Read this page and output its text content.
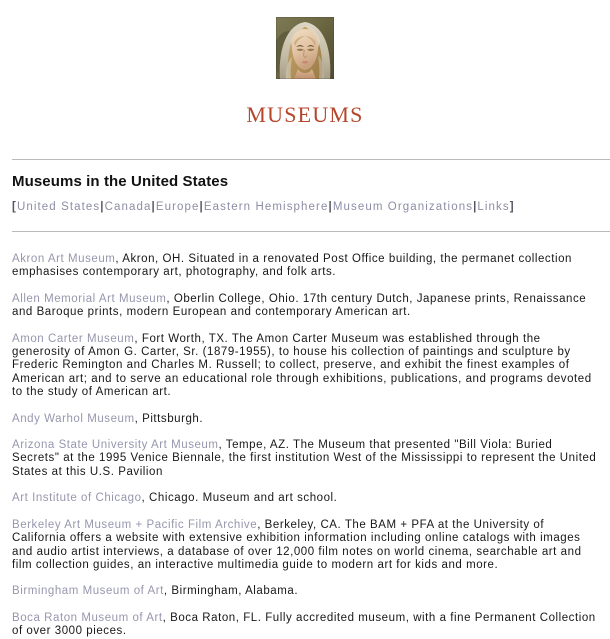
MUSEUMS
Museums in the United States
[United States|Canada|Europe|Eastern Hemisphere|Museum Organizations|Links]

Akron Art Museum, Akron, OH. Situated in a renovated Post Office building, the permanet collection emphasises contemporary art, photography, and folk arts.

Allen Memorial Art Museum, Oberlin College, Ohio. 17th century Dutch, Japanese prints, Renaissance and Baroque prints, modern European and contemporary American art.

Amon Carter Museum, Fort Worth, TX. The Amon Carter Museum was established through the generosity of Amon G. Carter, Sr. (1879-1955), to house his collection of paintings and sculpture by Frederic Remington and Charles M. Russell; to collect, preserve, and exhibit the finest examples of American art; and to serve an educational role through exhibitions, publications, and programs devoted to the study of American art.

Andy Warhol Museum, Pittsburgh.

Arizona State University Art Museum, Tempe, AZ. The Museum that presented "Bill Viola: Buried Secrets" at the 1995 Venice Biennale, the first institution West of the Mississippi to represent the United States at this U.S. Pavilion

Art Institute of Chicago, Chicago. Museum and art school.

Berkeley Art Museum + Pacific Film Archive, Berkeley, CA. The BAM + PFA at the University of California offers a website with extensive exhibition information including online catalogs with images and audio artist interviews, a database of over 12,000 film notes on world cinema, searchable art and film collection guides, an interactive multimedia guide to modern art for kids and more.

Birmingham Museum of Art, Birmingham, Alabama.

Boca Raton Museum of Art, Boca Raton, FL. Fully accredited museum, with a fine Permanent Collection of over 3000 pieces.
